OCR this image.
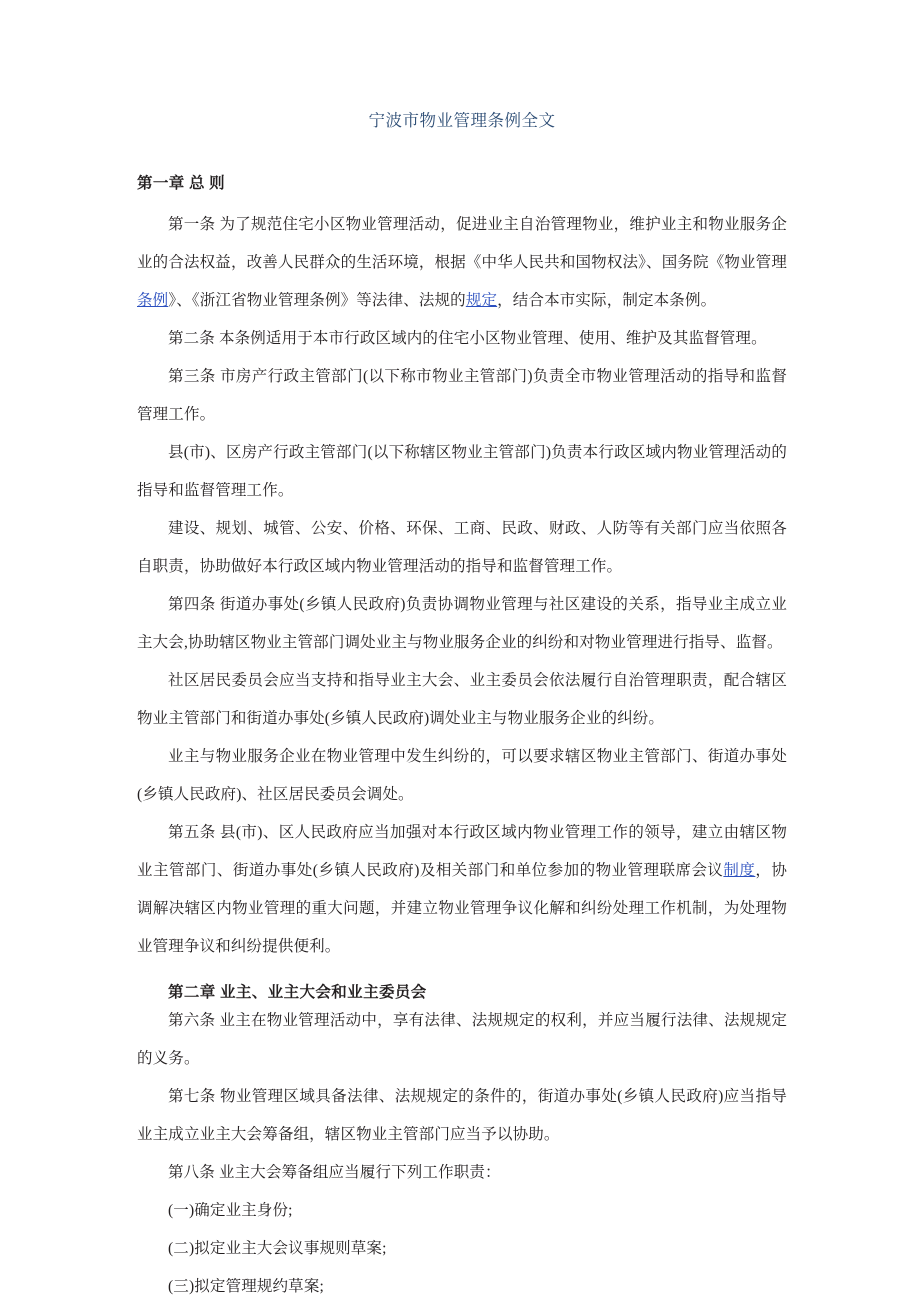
宁波市物业管理条例全文
第一章 总 则

第一条 为了规范住宅小区物业管理活动，促进业主自治管理物业，维护业主和物业服务企业的合法权益，改善人民群众的生活环境，根据《中华人民共和国物权法》、国务院《物业管理条例》、《浙江省物业管理条例》等法律、法规的规定，结合本市实际，制定本条例。

第二条 本条例适用于本市行政区域内的住宅小区物业管理、使用、维护及其监督管理。

第三条 市房产行政主管部门(以下称市物业主管部门)负责全市物业管理活动的指导和监督管理工作。

县(市)、区房产行政主管部门(以下称辖区物业主管部门)负责本行政区域内物业管理活动的指导和监督管理工作。

建设、规划、城管、公安、价格、环保、工商、民政、财政、人防等有关部门应当依照各自职责，协助做好本行政区域内物业管理活动的指导和监督管理工作。

第四条 街道办事处(乡镇人民政府)负责协调物业管理与社区建设的关系，指导业主成立业主大会,协助辖区物业主管部门调处业主与物业服务企业的纠纷和对物业管理进行指导、监督。

社区居民委员会应当支持和指导业主大会、业主委员会依法履行自治管理职责，配合辖区物业主管部门和街道办事处(乡镇人民政府)调处业主与物业服务企业的纠纷。

业主与物业服务企业在物业管理中发生纠纷的，可以要求辖区物业主管部门、街道办事处(乡镇人民政府)、社区居民委员会调处。

第五条 县(市)、区人民政府应当加强对本行政区域内物业管理工作的领导，建立由辖区物业主管部门、街道办事处(乡镇人民政府)及相关部门和单位参加的物业管理联席会议制度，协调解决辖区内物业管理的重大问题，并建立物业管理争议化解和纠纷处理工作机制，为处理物业管理争议和纠纷提供便利。

第二章 业主、业主大会和业主委员会

第六条 业主在物业管理活动中，享有法律、法规规定的权利，并应当履行法律、法规规定的义务。

第七条 物业管理区域具备法律、法规规定的条件的，街道办事处(乡镇人民政府)应当指导业主成立业主大会筹备组，辖区物业主管部门应当予以协助。

第八条 业主大会筹备组应当履行下列工作职责：

(一)确定业主身份;

(二)拟定业主大会议事规则草案;

(三)拟定管理规约草案;
